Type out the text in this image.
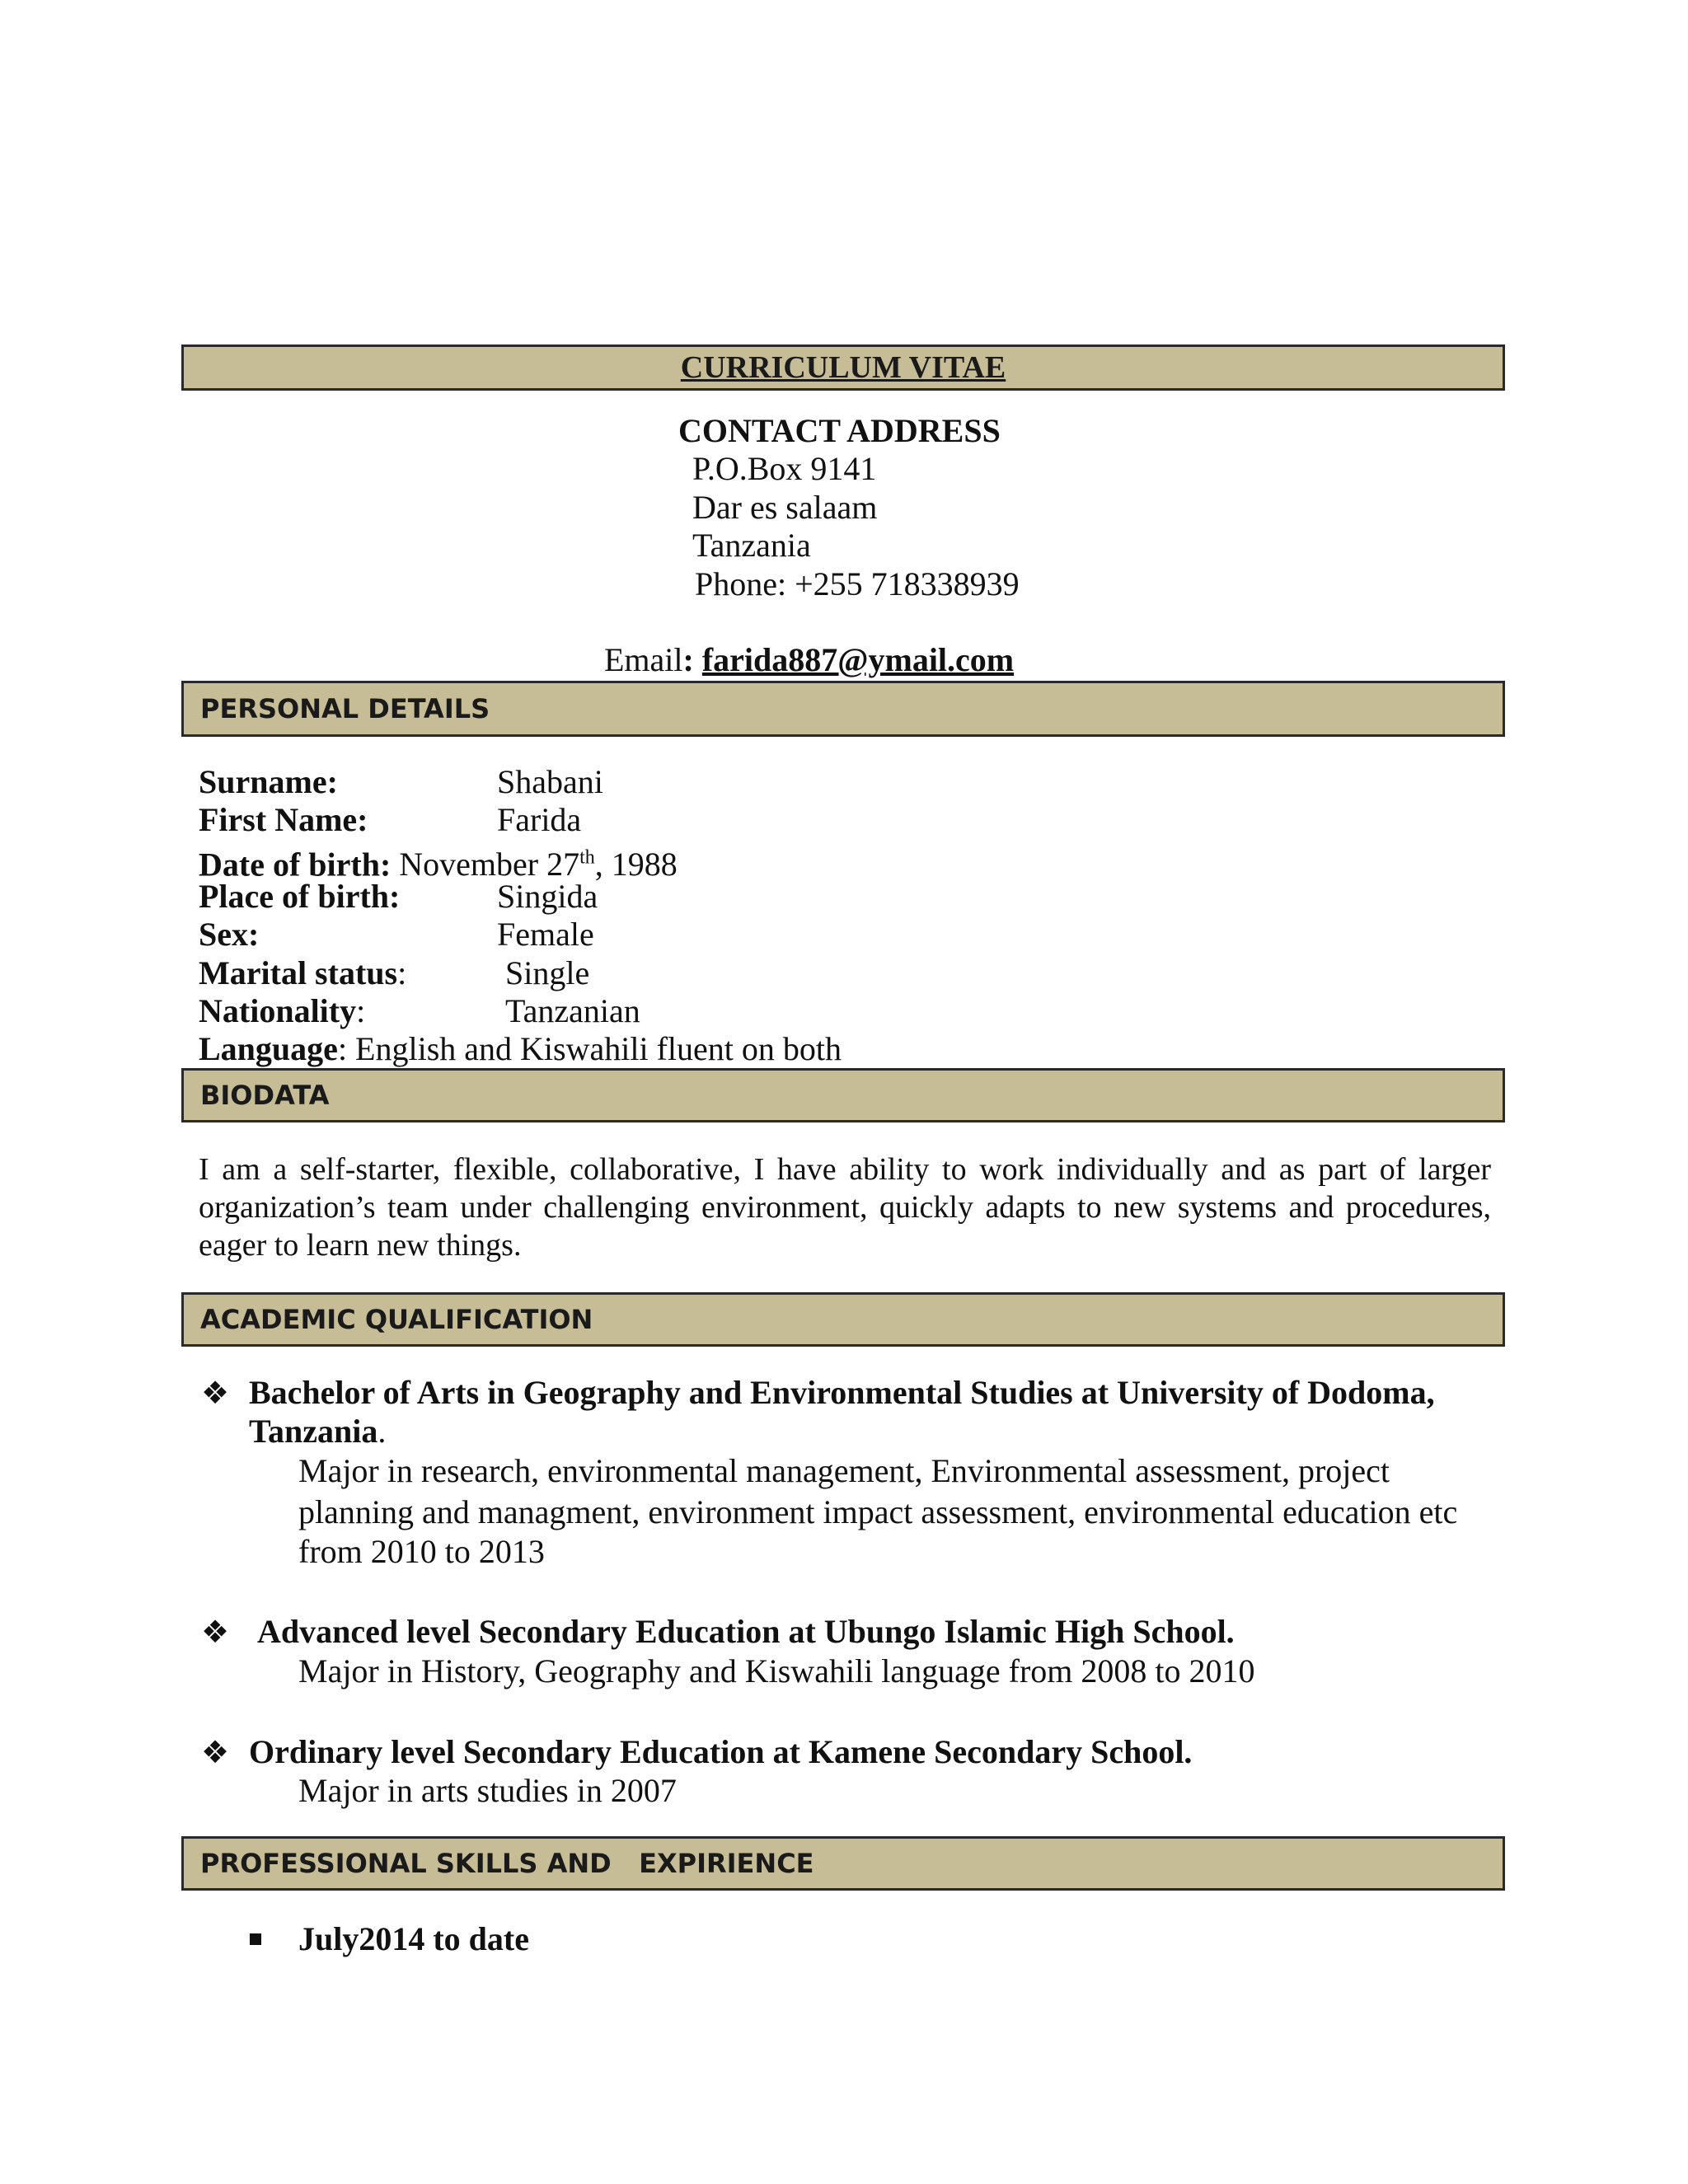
CURRICULUM VITAE
CONTACT ADDRESS
P.O.Box 9141
Dar es salaam
Tanzania
Phone: +255 718338939
Email: farida887@ymail.com
PERSONAL DETAILS
Surname:	Shabani
First Name:	Farida
Date of birth: November 27th, 1988
Place of birth:	Singida
Sex:	Female
Marital status:	Single
Nationality:	Tanzanian
Language: English and Kiswahili fluent on both
BIODATA
I am a self-starter, flexible, collaborative, I have ability to work individually and as part of larger organization’s team under challenging environment, quickly adapts to new systems and procedures, eager to learn new things.
ACADEMIC QUALIFICATION
❖ Bachelor of Arts in Geography and Environmental Studies at University of Dodoma,
Tanzania.
Major in research, environmental management, Environmental assessment, project
planning and managment, environment impact assessment, environmental education etc
from 2010 to 2013
❖ Advanced level Secondary Education at Ubungo Islamic High School.
Major in History, Geography and Kiswahili language from 2008 to 2010
❖ Ordinary level Secondary Education at Kamene Secondary School.
Major in arts studies in 2007
PROFESSIONAL SKILLS AND   EXPIRIENCE
July2014 to date
